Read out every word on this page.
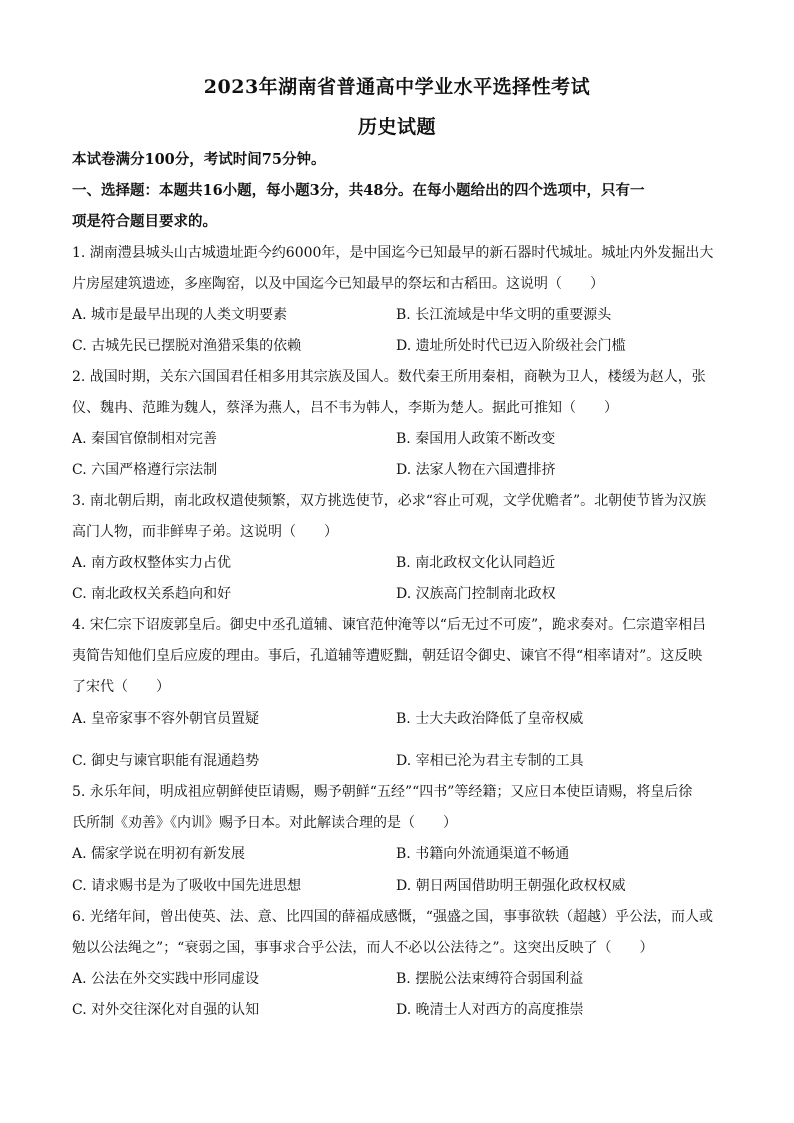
2023年湖南省普通高中学业水平选择性考试
历史试题
本试卷满分100分，考试时间75分钟。
一、选择题：本题共16小题，每小题3分，共48分。在每小题给出的四个选项中，只有一
项是符合题目要求的。
1. 湖南澧县城头山古城遗址距今约6000年，是中国迄今已知最早的新石器时代城址。城址内外发掘出大
片房屋建筑遗迹，多座陶窑，以及中国迄今已知最早的祭坛和古稻田。这说明（　　）
A. 城市是最早出现的人类文明要素	B. 长江流域是中华文明的重要源头
C. 古城先民已摆脱对渔猎采集的依赖	D. 遗址所处时代已迈入阶级社会门槛
2. 战国时期，关东六国国君任相多用其宗族及国人。数代秦王所用秦相，商鞅为卫人，楼缓为赵人，张
仪、魏冉、范雎为魏人，蔡泽为燕人，吕不韦为韩人，李斯为楚人。据此可推知（　　）
A. 秦国官僚制相对完善	B. 秦国用人政策不断改变
C. 六国严格遵行宗法制	D. 法家人物在六国遭排挤
3. 南北朝后期，南北政权遣使频繁，双方挑选使节，必求“容止可观，文学优赡者”。北朝使节皆为汉族
高门人物，而非鲜卑子弟。这说明（　　）
A. 南方政权整体实力占优	B. 南北政权文化认同趋近
C. 南北政权关系趋向和好	D. 汉族高门控制南北政权
4. 宋仁宗下诏废郭皇后。御史中丞孔道辅、谏官范仲淹等以“后无过不可废”，跪求奏对。仁宗遣宰相吕
夷简告知他们皇后应废的理由。事后，孔道辅等遭贬黜，朝廷诏令御史、谏官不得“相率请对”。这反映
了宋代（　　）
A. 皇帝家事不容外朝官员置疑	B. 士大夫政治降低了皇帝权威
C. 御史与谏官职能有混通趋势	D. 宰相已沦为君主专制的工具
5. 永乐年间，明成祖应朝鲜使臣请赐，赐予朝鲜“五经”“四书”等经籍；又应日本使臣请赐，将皇后徐
氏所制《劝善》《内训》赐予日本。对此解读合理的是（　　）
A. 儒家学说在明初有新发展	B. 书籍向外流通渠道不畅通
C. 请求赐书是为了吸收中国先进思想	D. 朝日两国借助明王朝强化政权权威
6. 光绪年间，曾出使英、法、意、比四国的薛福成感慨，“强盛之国，事事欲轶（超越）乎公法，而人或
勉以公法绳之”；“衰弱之国，事事求合乎公法，而人不必以公法待之”。这突出反映了（　　）
A. 公法在外交实践中形同虚设	B. 摆脱公法束缚符合弱国利益
C. 对外交往深化对自强的认知	D. 晚清士人对西方的高度推崇
